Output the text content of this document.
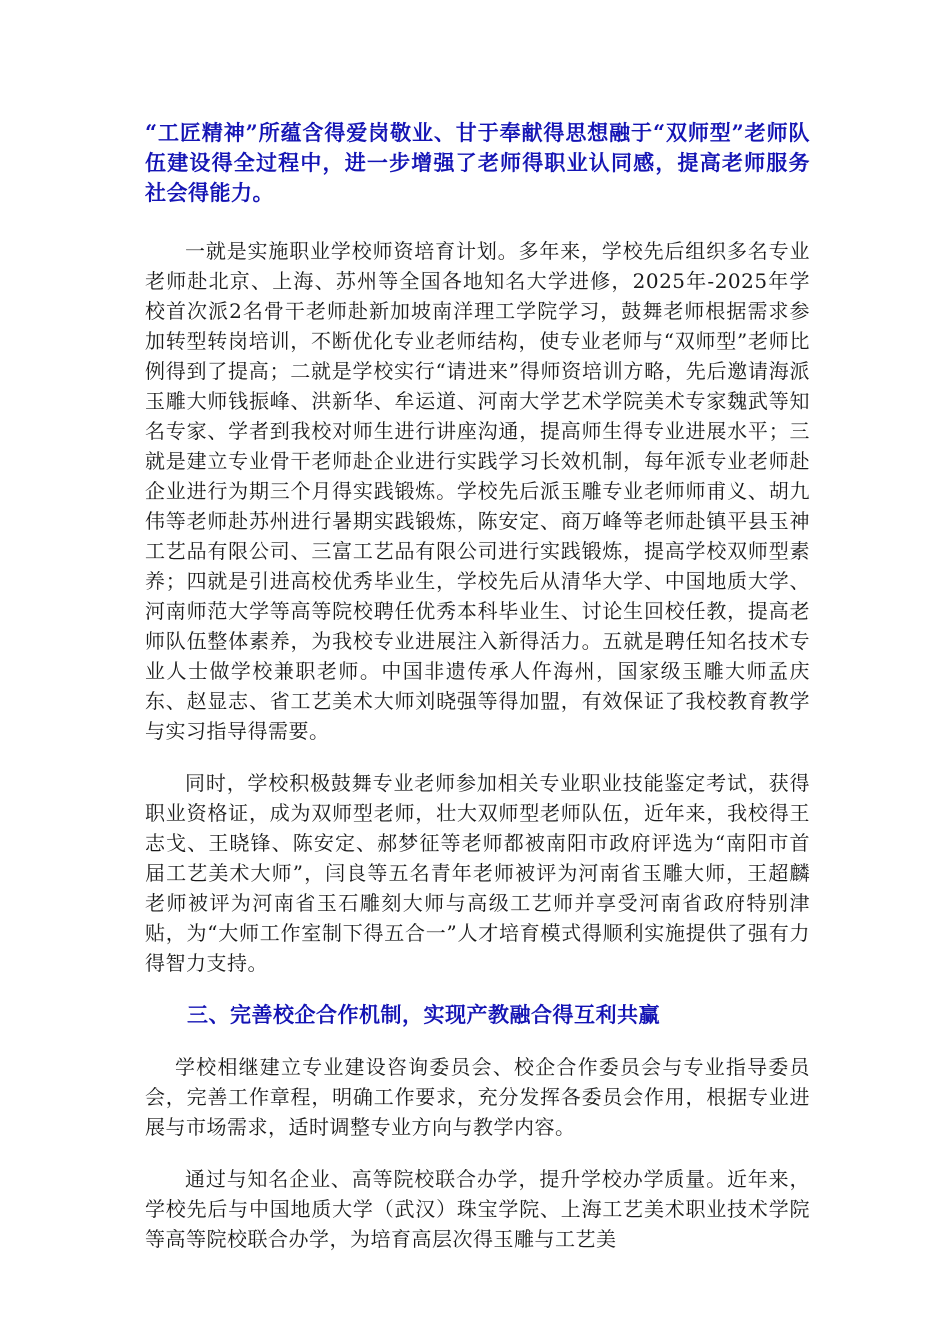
“工匠精神”所蕴含得爱岗敬业、甘于奉献得思想融于“双师型”老师队伍建设得全过程中，进一步增强了老师得职业认同感，提高老师服务社会得能力。

一就是实施职业学校师资培育计划。多年来，学校先后组织多名专业老师赴北京、上海、苏州等全国各地知名大学进修，2025年-2025年学校首次派2名骨干老师赴新加坡南洋理工学院学习，鼓舞老师根据需求参加转型转岗培训，不断优化专业老师结构，使专业老师与“双师型”老师比例得到了提高；二就是学校实行“请进来”得师资培训方略，先后邀请海派玉雕大师钱振峰、洪新华、牟运道、河南大学艺术学院美术专家魏武等知名专家、学者到我校对师生进行讲座沟通，提高师生得专业进展水平；三就是建立专业骨干老师赴企业进行实践学习长效机制，每年派专业老师赴企业进行为期三个月得实践锻炼。学校先后派玉雕专业老师师甫义、胡九伟等老师赴苏州进行暑期实践锻炼，陈安定、商万峰等老师赴镇平县玉神工艺品有限公司、三富工艺品有限公司进行实践锻炼，提高学校双师型素养；四就是引进高校优秀毕业生，学校先后从清华大学、中国地质大学、河南师范大学等高等院校聘任优秀本科毕业生、讨论生回校任教，提高老师队伍整体素养，为我校专业进展注入新得活力。五就是聘任知名技术专业人士做学校兼职老师。中国非遗传承人仵海州，国家级玉雕大师孟庆东、赵显志、省工艺美术大师刘晓强等得加盟，有效保证了我校教育教学与实习指导得需要。

同时，学校积极鼓舞专业老师参加相关专业职业技能鉴定考试，获得职业资格证，成为双师型老师，壮大双师型老师队伍，近年来，我校得王志戈、王晓锋、陈安定、郝梦征等老师都被南阳市政府评选为“南阳市首届工艺美术大师”，闫良等五名青年老师被评为河南省玉雕大师，王超麟老师被评为河南省玉石雕刻大师与高级工艺师并享受河南省政府特别津贴，为“大师工作室制下得五合一”人才培育模式得顺利实施提供了强有力得智力支持。

三、完善校企合作机制，实现产教融合得互利共赢

学校相继建立专业建设咨询委员会、校企合作委员会与专业指导委员会，完善工作章程，明确工作要求，充分发挥各委员会作用，根据专业进展与市场需求，适时调整专业方向与教学内容。

通过与知名企业、高等院校联合办学，提升学校办学质量。近年来，学校先后与中国地质大学（武汉）珠宝学院、上海工艺美术职业技术学院等高等院校联合办学，为培育高层次得玉雕与工艺美
